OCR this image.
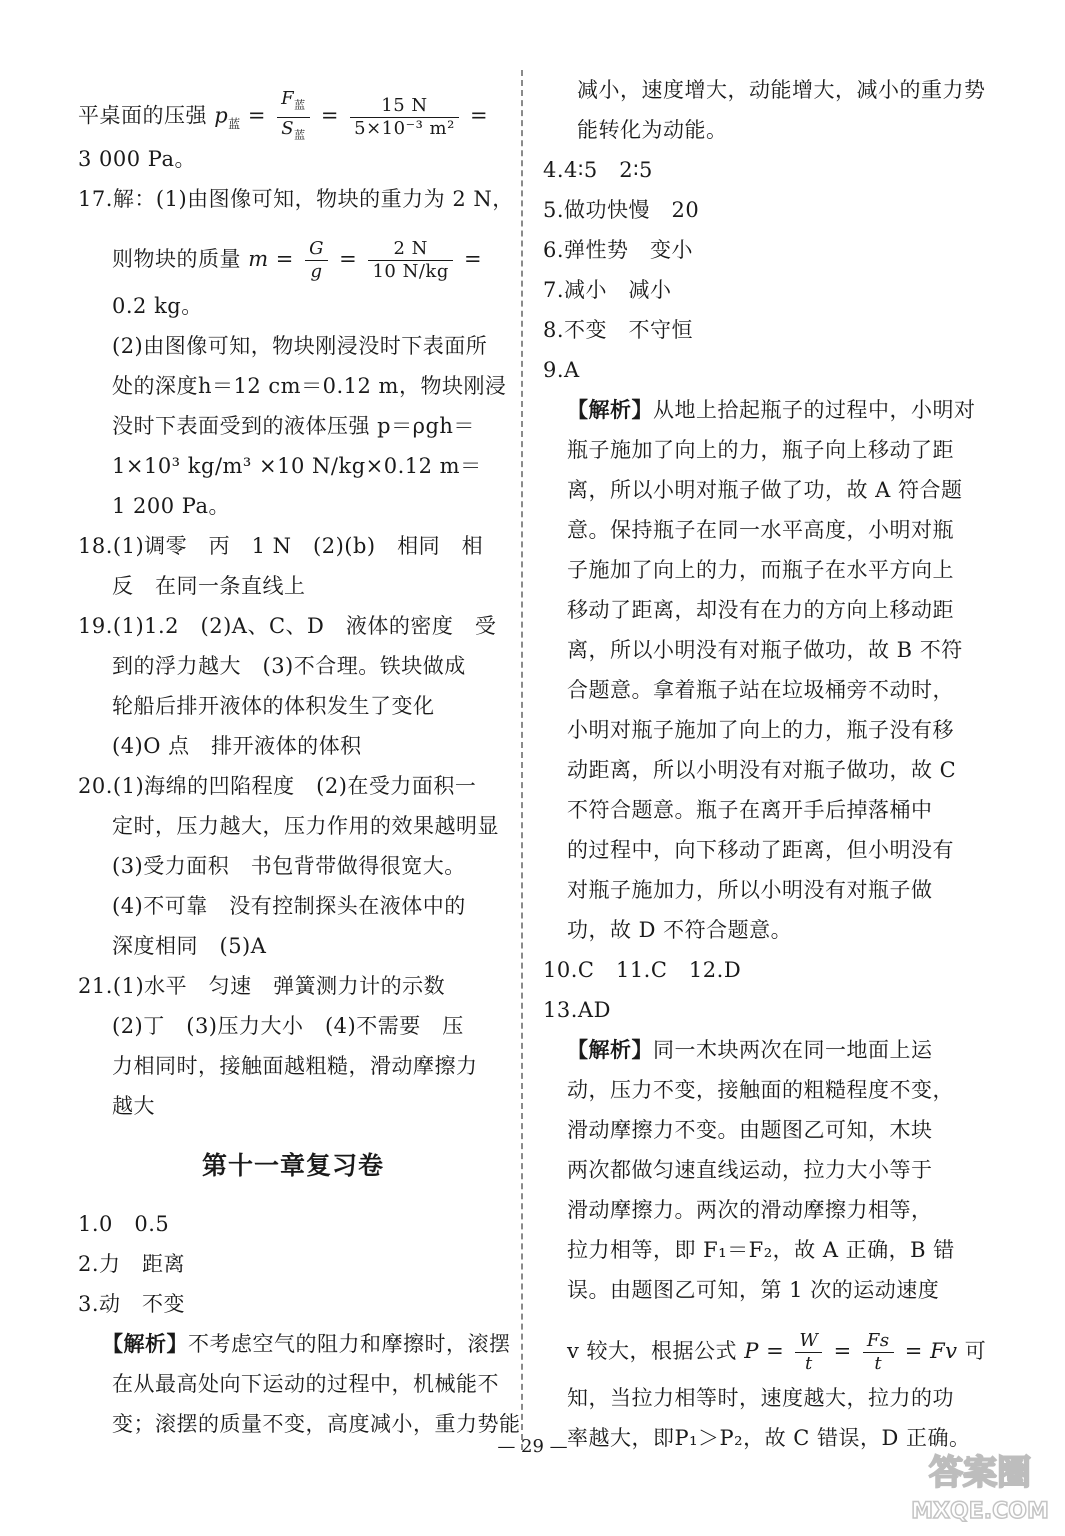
平桌面的压强 $p_蓝 = \frac{F_蓝}{S_蓝} = \frac{15 N}{\text{5×10⁻³ m²}}$ =
3 000 Pa。
17.解：(1)由图像可知，物块的重力为 2 N，
则物块的质量 $m = \frac{G}{g} = \frac{2 N}{10 N/kg}$ =
0.2 kg。
(2)由图像可知，物块刚浸没时下表面所
处的深度h＝12 cm＝0.12 m，物块刚浸
没时下表面受到的液体压强 p＝ρgh＝
1×10³ kg/m³ ×10 N/kg×0.12 m＝
1 200 Pa。
18.(1)调零　丙　1 N　(2)(b)　相同　相
反　在同一条直线上
19.(1)1.2　(2)A、C、D　液体的密度　受
到的浮力越大　(3)不合理。铁块做成
轮船后排开液体的体积发生了变化
(4)O 点　排开液体的体积
20.(1)海绵的凹陷程度　(2)在受力面积一
定时，压力越大，压力作用的效果越明显
(3)受力面积　书包背带做得很宽大。
(4)不可靠　没有控制探头在液体中的
深度相同　(5)A
21.(1)水平　匀速　弹簧测力计的示数
(2)丁　(3)压力大小　(4)不需要　压
力相同时，接触面越粗糙，滑动摩擦力
越大
第十一章复习卷
1.0　0.5
2.力　距离
3.动　不变
【解析】不考虑空气的阻力和摩擦时，滚摆
在从最高处向下运动的过程中，机械能不
变；滚摆的质量不变，高度减小，重力势能
减小，速度增大，动能增大，减小的重力势
能转化为动能。
4.4∶5　2∶5
5.做功快慢　20
6.弹性势　变小
7.减小　减小
8.不变　不守恒
9.A
【解析】从地上拾起瓶子的过程中，小明对
瓶子施加了向上的力，瓶子向上移动了距
离，所以小明对瓶子做了功，故 A 符合题
意。保持瓶子在同一水平高度，小明对瓶
子施加了向上的力，而瓶子在水平方向上
移动了距离，却没有在力的方向上移动距
离，所以小明没有对瓶子做功，故 B 不符
合题意。拿着瓶子站在垃圾桶旁不动时，
小明对瓶子施加了向上的力，瓶子没有移
动距离，所以小明没有对瓶子做功，故 C
不符合题意。瓶子在离开手后掉落桶中
的过程中，向下移动了距离，但小明没有
对瓶子施加力，所以小明没有对瓶子做
功，故 D 不符合题意。
10.C　11.C　12.D
13.AD
【解析】同一木块两次在同一地面上运
动，压力不变，接触面的粗糙程度不变，
滑动摩擦力不变。由题图乙可知，木块
两次都做匀速直线运动，拉力大小等于
滑动摩擦力。两次的滑动摩擦力相等，
拉力相等，即 F₁＝F₂，故 A 正确，B 错
误。由题图乙可知，第 1 次的运动速度
v 较大，根据公式 $P = \frac{W}{t} = \frac{Fs}{t} = Fv$ 可
知，当拉力相等时，速度越大，拉力的功
率越大，即P₁＞P₂，故 C 错误，D 正确。
— 29 —
答案圈
MXQE.COM
